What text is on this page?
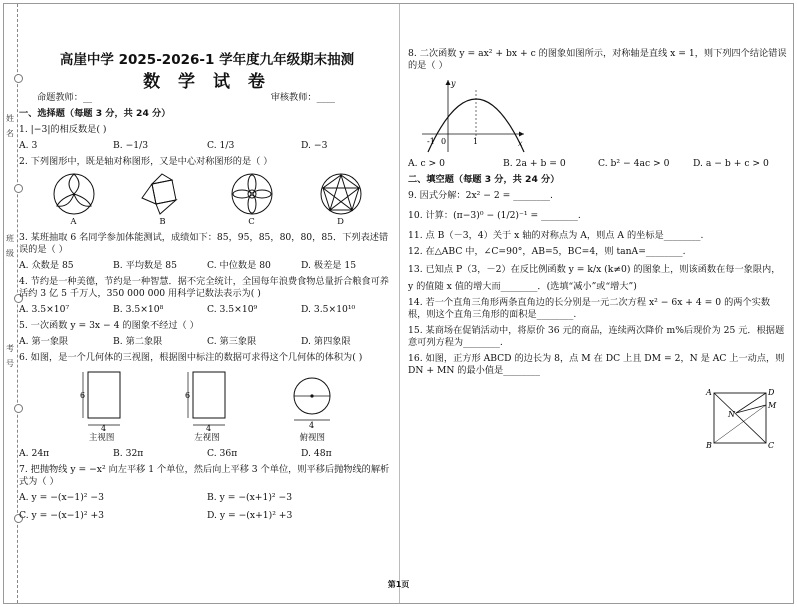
姓
名
班
级
考
号
高崖中学 2025-2026-1 学年度九年级期末抽测
数 学 试 卷
命题教师：__	审核教师：____
一、选择题（每题 3 分，共 24 分）
1. |−3|的相反数是( )
A. 3	B. −1/3	C. 1/3	D. −3
2. 下列图形中，既是轴对称图形，又是中心对称图形的是（ ）
A	B	C	D
3. 某班抽取 6 名同学参加体能测试，成绩如下：85，95，85，80，80，85．下列表述错误的是（ ）
A. 众数是 85	B. 平均数是 85	C. 中位数是 80	D. 极差是 15
4. 节约是一种美德，节约是一种智慧．据不完全统计，全国每年浪费食物总量折合粮食可养活约 3 亿 5 千万人，350 000 000 用科学记数法表示为( )
A. 3.5×10⁷	B. 3.5×10⁸	C. 3.5×10⁹	D. 3.5×10¹⁰
5. 一次函数 y = 3x − 4 的图象不经过（ ）
A. 第一象限	B. 第二象限	C. 第三象限	D. 第四象限
6. 如图，是一个几何体的三视图，根据图中标注的数据可求得这个几何体的体积为( )
6
4
主视图
6
4
左视图
4
俯视图
A. 24π	B. 32π	C. 36π	D. 48π
7. 把抛物线 y = −x² 向左平移 1 个单位，然后向上平移 3 个单位，则平移后抛物线的解析式为（ ）
A. y = −(x−1)² −3	B. y = −(x+1)² −3
C. y = −(x−1)² +3	D. y = −(x+1)² +3
8. 二次函数 y = ax² + bx + c 的图象如图所示，对称轴是直线 x = 1，则下列四个结论错误的是（ ）
y
x
-1 0	1
A. c > 0	B. 2a + b = 0	C. b² − 4ac > 0	D. a − b + c > 0
二、填空题（每题 3 分，共 24 分）
9. 因式分解：2x² − 2 = ________.
10. 计算：(π−3)⁰ − (1/2)⁻¹ = ________.
11. 点 B（－3，4）关于 x 轴的对称点为 A，则点 A 的坐标是________.
12. 在△ABC 中，∠C=90°，AB=5，BC=4，则 tanA=________.
13. 已知点 P（3，－2）在反比例函数 y = k/x (k≠0) 的图象上，则该函数在每一象限内，
y 的值随 x 值的增大而________．(选填“减小”或“增大”)
14. 若一个直角三角形两条直角边的长分别是一元二次方程 x² − 6x + 4 = 0 的两个实数根，则这个直角三角形的面积是________.
15. 某商场在促销活动中，将原价 36 元的商品，连续两次降价 m%后现价为 25 元．根据题意可列方程为________.
16. 如图，正方形 ABCD 的边长为 8，点 M 在 DC 上且 DM = 2，N 是 AC 上一动点，则 DN + MN 的最小值是________
A
B	C
D
M
N
第1页
